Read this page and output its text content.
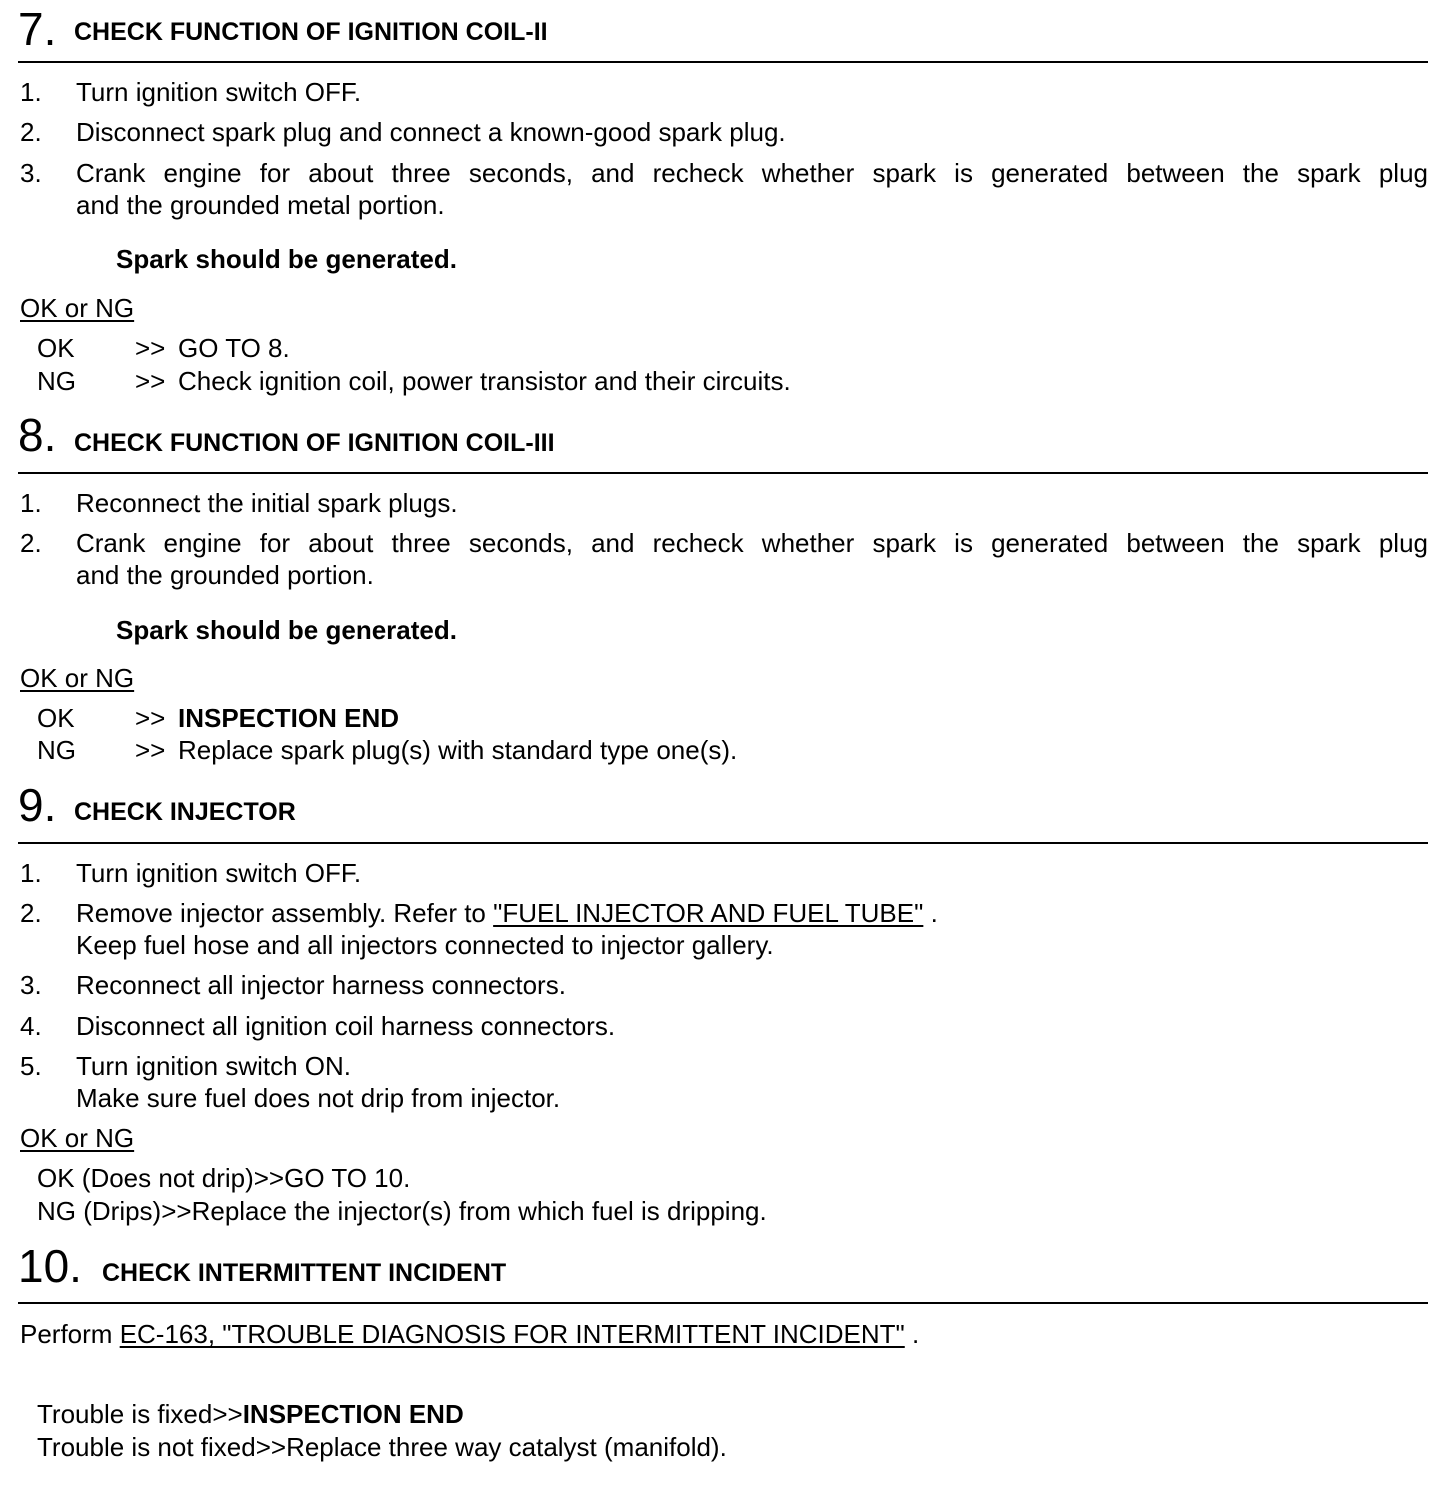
7. CHECK FUNCTION OF IGNITION COIL-II
1. Turn ignition switch OFF.
2. Disconnect spark plug and connect a known-good spark plug.
3. Crank engine for about three seconds, and recheck whether spark is generated between the spark plug
and the grounded metal portion.
Spark should be generated.
OK or NG
OK >> GO TO 8.
NG >> Check ignition coil, power transistor and their circuits.
8. CHECK FUNCTION OF IGNITION COIL-III
1. Reconnect the initial spark plugs.
2. Crank engine for about three seconds, and recheck whether spark is generated between the spark plug
and the grounded portion.
Spark should be generated.
OK or NG
OK >> INSPECTION END
NG >> Replace spark plug(s) with standard type one(s).
9. CHECK INJECTOR
1. Turn ignition switch OFF.
2. Remove injector assembly. Refer to "FUEL INJECTOR AND FUEL TUBE" .
Keep fuel hose and all injectors connected to injector gallery.
3. Reconnect all injector harness connectors.
4. Disconnect all ignition coil harness connectors.
5. Turn ignition switch ON.
Make sure fuel does not drip from injector.
OK or NG
OK (Does not drip)>>GO TO 10.
NG (Drips)>>Replace the injector(s) from which fuel is dripping.
10. CHECK INTERMITTENT INCIDENT
Perform EC-163, "TROUBLE DIAGNOSIS FOR INTERMITTENT INCIDENT" .
Trouble is fixed>>INSPECTION END
Trouble is not fixed>>Replace three way catalyst (manifold).
